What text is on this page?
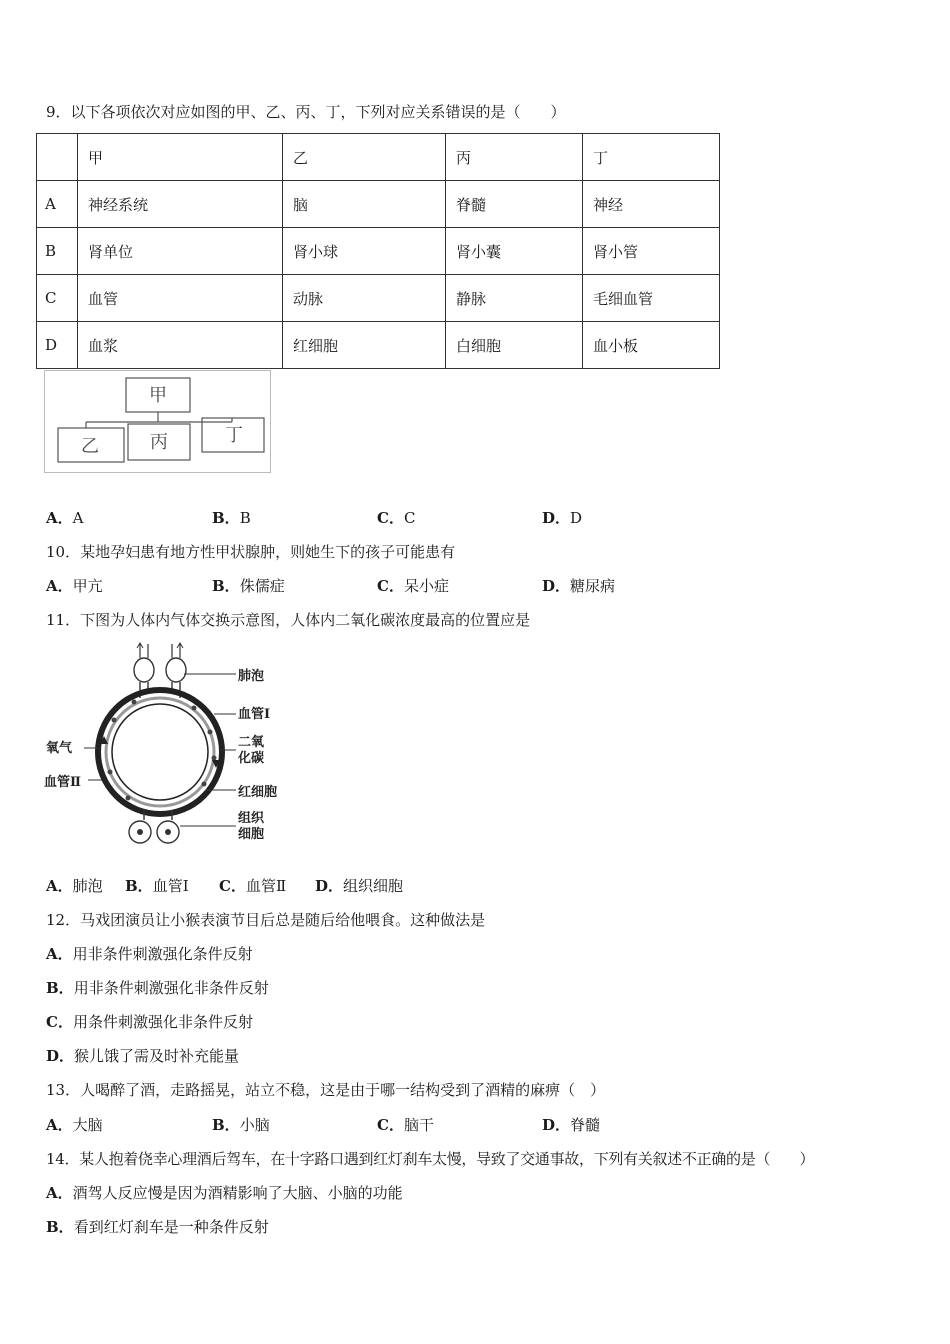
9．以下各项依次对应如图的甲、乙、丙、丁，下列对应关系错误的是（　　）
	甲	乙	丙	丁
A	神经系统	脑	脊髓	神经
B	肾单位	肾小球	肾小囊	肾小管
C	血管	动脉	静脉	毛细血管
D	血浆	红细胞	白细胞	血小板
甲
乙	丙	丁
A．A	B．B	C．C	D．D
10．某地孕妇患有地方性甲状腺肿，则她生下的孩子可能患有
A．甲亢	B．侏儒症	C．呆小症	D．糖尿病
11．下图为人体内气体交换示意图，人体内二氧化碳浓度最高的位置应是
肺泡
血管Ⅰ
二氧
化碳
红细胞
组织
细胞
氧气
血管Ⅱ
A．肺泡 B．血管Ⅰ C．血管Ⅱ D．组织细胞
12．马戏团演员让小猴表演节目后总是随后给他喂食。这种做法是
A．用非条件刺激强化条件反射
B．用非条件刺激强化非条件反射
C．用条件刺激强化非条件反射
D．猴儿饿了需及时补充能量
13．人喝醉了酒，走路摇晃，站立不稳，这是由于哪一结构受到了酒精的麻痹（　）
A．大脑	B．小脑	C．脑干	D．脊髓
14．某人抱着侥幸心理酒后驾车，在十字路口遇到红灯刹车太慢，导致了交通事故，下列有关叙述不正确的是（　　）
A．酒驾人反应慢是因为酒精影响了大脑、小脑的功能
B．看到红灯刹车是一种条件反射
